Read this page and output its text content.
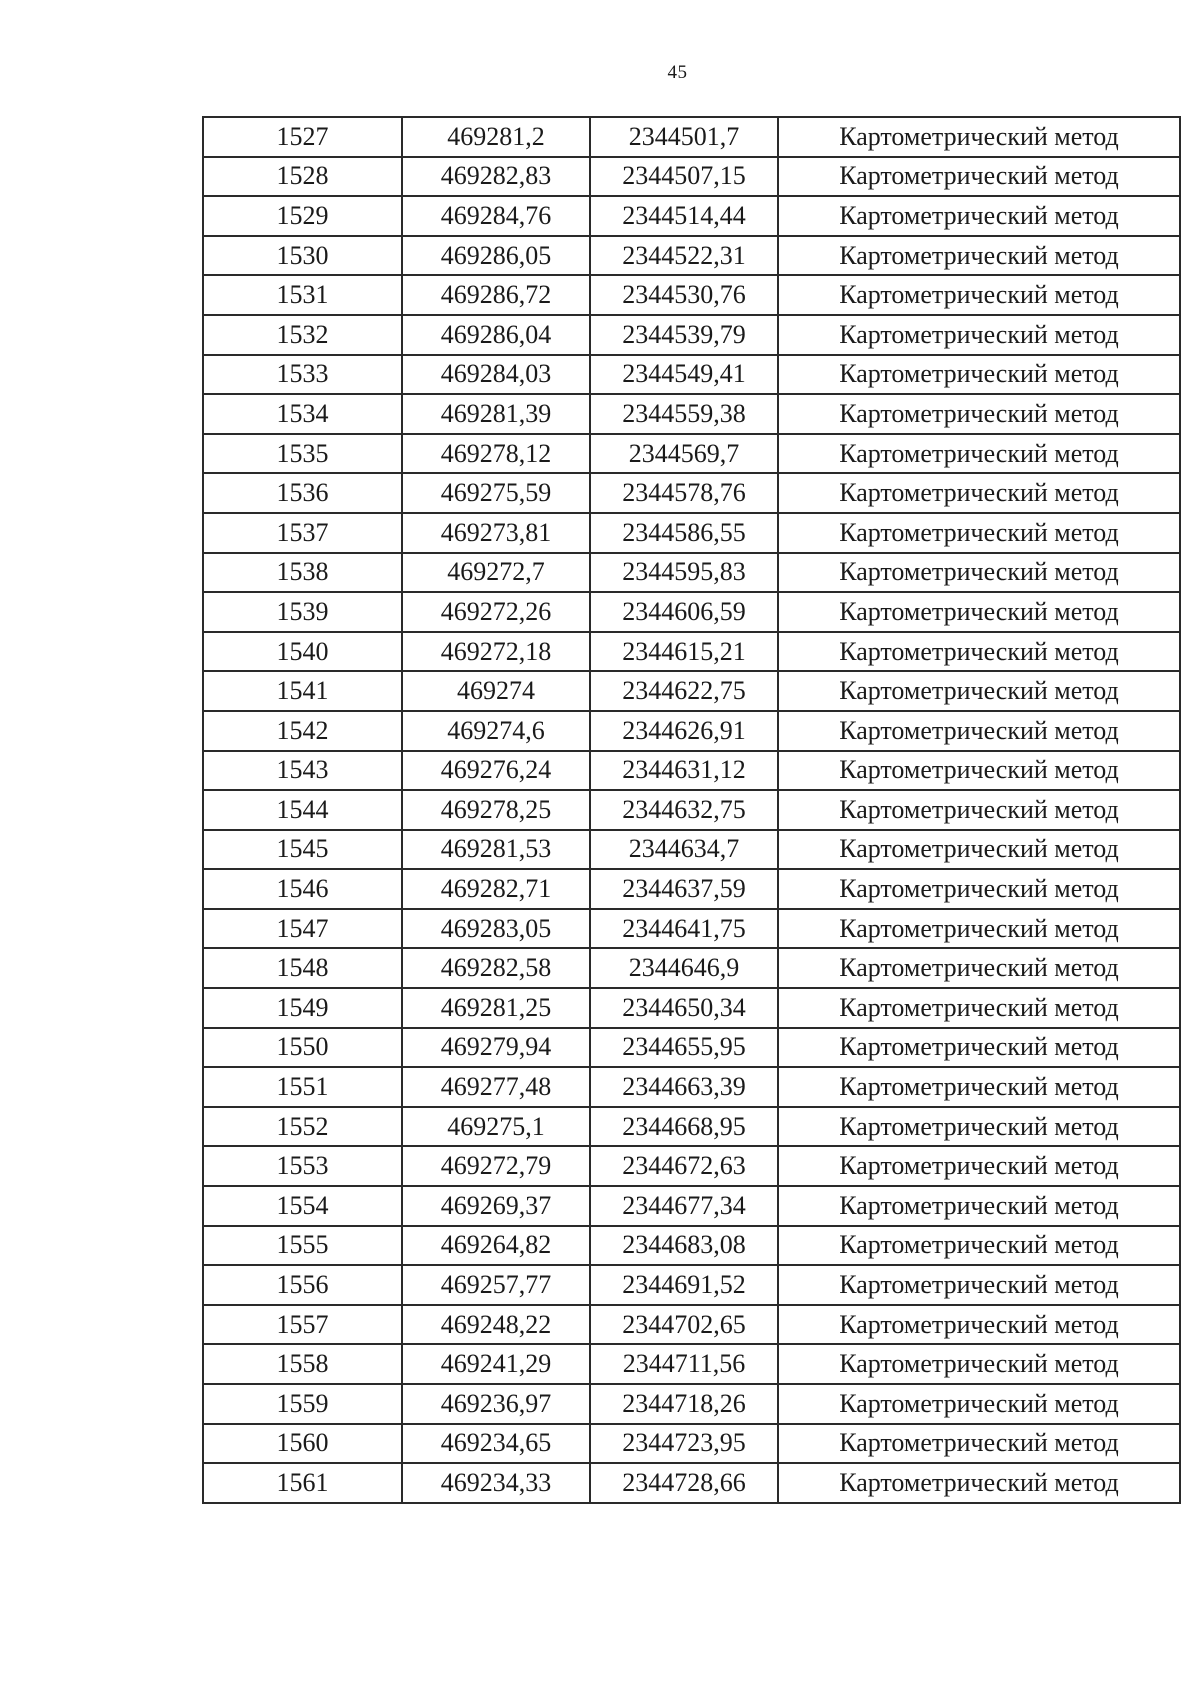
45
1527	469281,2	2344501,7	Картометрический метод
1528	469282,83	2344507,15	Картометрический метод
1529	469284,76	2344514,44	Картометрический метод
1530	469286,05	2344522,31	Картометрический метод
1531	469286,72	2344530,76	Картометрический метод
1532	469286,04	2344539,79	Картометрический метод
1533	469284,03	2344549,41	Картометрический метод
1534	469281,39	2344559,38	Картометрический метод
1535	469278,12	2344569,7	Картометрический метод
1536	469275,59	2344578,76	Картометрический метод
1537	469273,81	2344586,55	Картометрический метод
1538	469272,7	2344595,83	Картометрический метод
1539	469272,26	2344606,59	Картометрический метод
1540	469272,18	2344615,21	Картометрический метод
1541	469274	2344622,75	Картометрический метод
1542	469274,6	2344626,91	Картометрический метод
1543	469276,24	2344631,12	Картометрический метод
1544	469278,25	2344632,75	Картометрический метод
1545	469281,53	2344634,7	Картометрический метод
1546	469282,71	2344637,59	Картометрический метод
1547	469283,05	2344641,75	Картометрический метод
1548	469282,58	2344646,9	Картометрический метод
1549	469281,25	2344650,34	Картометрический метод
1550	469279,94	2344655,95	Картометрический метод
1551	469277,48	2344663,39	Картометрический метод
1552	469275,1	2344668,95	Картометрический метод
1553	469272,79	2344672,63	Картометрический метод
1554	469269,37	2344677,34	Картометрический метод
1555	469264,82	2344683,08	Картометрический метод
1556	469257,77	2344691,52	Картометрический метод
1557	469248,22	2344702,65	Картометрический метод
1558	469241,29	2344711,56	Картометрический метод
1559	469236,97	2344718,26	Картометрический метод
1560	469234,65	2344723,95	Картометрический метод
1561	469234,33	2344728,66	Картометрический метод
